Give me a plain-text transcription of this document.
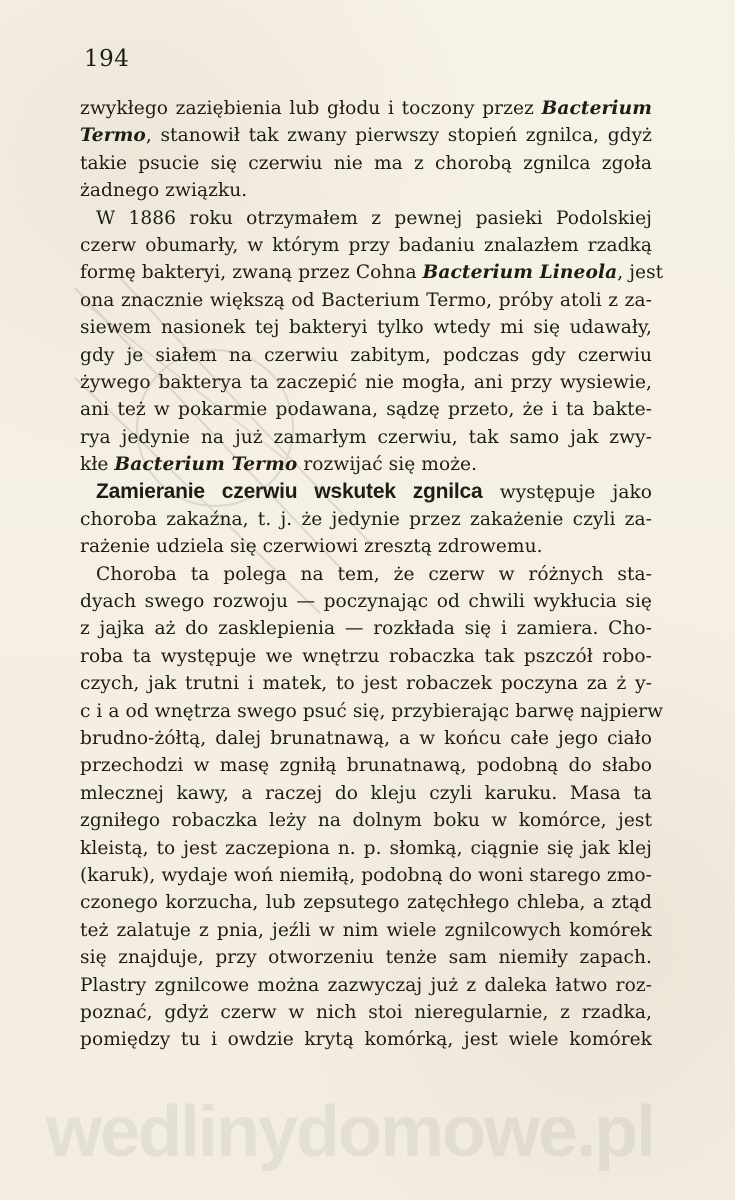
194
zwykłego zaziębienia lub głodu i toczony przez Bacterium
Termo, stanowił tak zwany pierwszy stopień zgnilca, gdyż
takie psucie się czerwiu nie ma z chorobą zgnilca zgoła
żadnego związku.
W 1886 roku otrzymałem z pewnej pasieki Podolskiej
czerw obumarły, w którym przy badaniu znalazłem rzadką
formę bakteryi, zwaną przez Cohna Bacterium Lineola, jest
ona znacznie większą od Bacterium Termo, próby atoli z za-
siewem nasionek tej bakteryi tylko wtedy mi się udawały,
gdy je siałem na czerwiu zabitym, podczas gdy czerwiu
żywego bakterya ta zaczepić nie mogła, ani przy wysiewie,
ani też w pokarmie podawana, sądzę przeto, że i ta bakte-
rya jedynie na już zamarłym czerwiu, tak samo jak zwy-
kłe Bacterium Termo rozwijać się może.
Zamieranie czerwiu wskutek zgnilca występuje jako
choroba zakaźna, t. j. że jedynie przez zakażenie czyli za-
rażenie udziela się czerwiowi zresztą zdrowemu.
Choroba ta polega na tem, że czerw w różnych sta-
dyach swego rozwoju — poczynając od chwili wykłucia się
z jajka aż do zasklepienia — rozkłada się i zamiera. Cho-
roba ta występuje we wnętrzu robaczka tak pszczół robo-
czych, jak trutni i matek, to jest robaczek poczyna za ż y-
c i a od wnętrza swego psuć się, przybierając barwę najpierw
brudno-żółtą, dalej brunatnawą, a w końcu całe jego ciało
przechodzi w masę zgniłą brunatnawą, podobną do słabo
mlecznej kawy, a raczej do kleju czyli karuku. Masa ta
zgniłego robaczka leży na dolnym boku w komórce, jest
kleistą, to jest zaczepiona n. p. słomką, ciągnie się jak klej
(karuk), wydaje woń niemiłą, podobną do woni starego zmo-
czonego korzucha, lub zepsutego zatęchłego chleba, a ztąd
też zalatuje z pnia, jeźli w nim wiele zgnilcowych komórek
się znajduje, przy otworzeniu tenże sam niemiły zapach.
Plastry zgnilcowe można zazwyczaj już z daleka łatwo roz-
poznać, gdyż czerw w nich stoi nieregularnie, z rzadka,
pomiędzy tu i owdzie krytą komórką, jest wiele komórek
wedlinydomowe.pl
